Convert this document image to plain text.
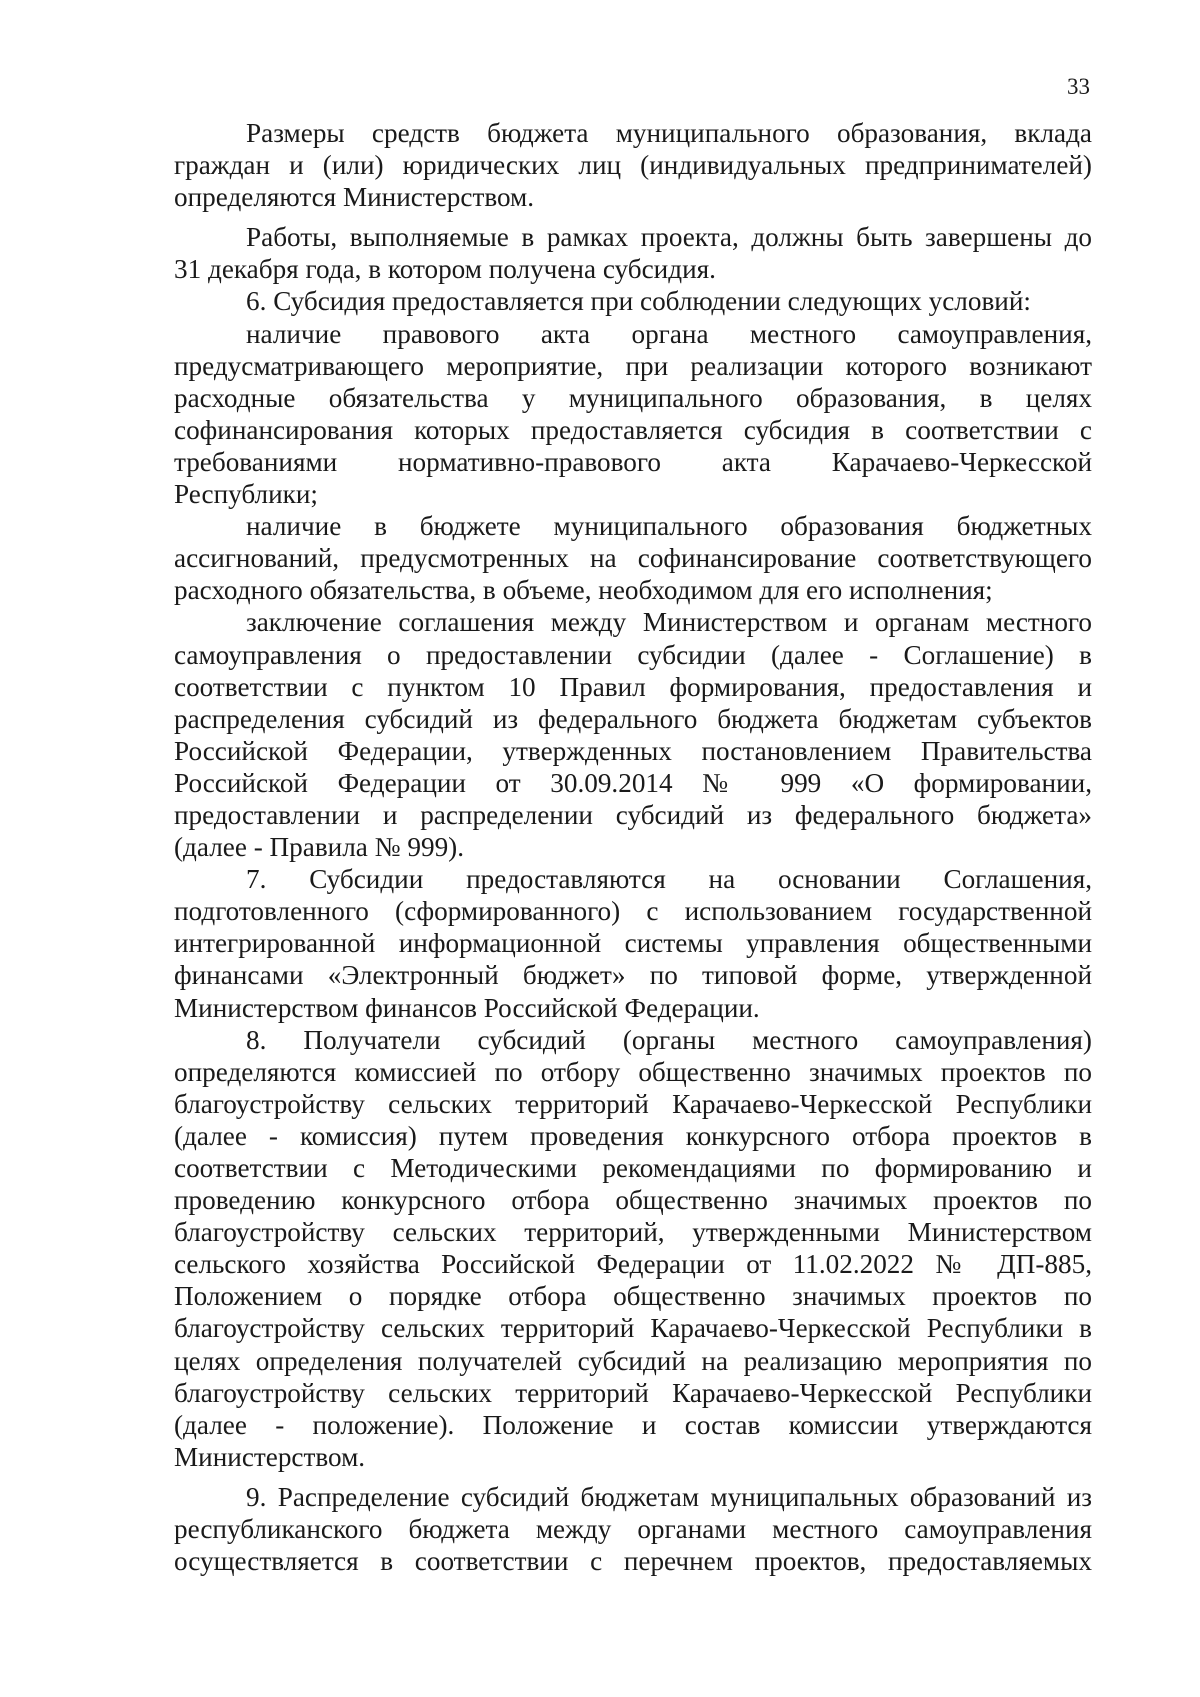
33

Размеры средств бюджета муниципального образования, вклада

граждан и (или) юридических лиц (индивидуальных предпринимателей)

определяются Министерством.

Работы, выполняемые в рамках проекта, должны быть завершены до

31 декабря года, в котором получена субсидия.

6. Субсидия предоставляется при соблюдении следующих условий:

наличие правового акта органа местного самоуправления,

предусматривающего мероприятие, при реализации которого возникают

расходные обязательства у муниципального образования, в целях

софинансирования которых предоставляется субсидия в соответствии с

требованиями нормативно-правового акта Карачаево-Черкесской

Республики;

наличие в бюджете муниципального образования бюджетных

ассигнований, предусмотренных на софинансирование соответствующего

расходного обязательства, в объеме, необходимом для его исполнения;

заключение соглашения между Министерством и органам местного

самоуправления о предоставлении субсидии (далее - Соглашение) в

соответствии с пунктом 10 Правил формирования, предоставления и

распределения субсидий из федерального бюджета бюджетам субъектов

Российской Федерации, утвержденных постановлением Правительства

Российской Федерации от 30.09.2014 № 999 «О формировании,

предоставлении и распределении субсидий из федерального бюджета»

(далее - Правила № 999).

7. Субсидии предоставляются на основании Соглашения,

подготовленного (сформированного) с использованием государственной

интегрированной информационной системы управления общественными

финансами «Электронный бюджет» по типовой форме, утвержденной

Министерством финансов Российской Федерации.

8. Получатели субсидий (органы местного самоуправления)

определяются комиссией по отбору общественно значимых проектов по

благоустройству сельских территорий Карачаево-Черкесской Республики

(далее - комиссия) путем проведения конкурсного отбора проектов в

соответствии с Методическими рекомендациями по формированию и

проведению конкурсного отбора общественно значимых проектов по

благоустройству сельских территорий, утвержденными Министерством

сельского хозяйства Российской Федерации от 11.02.2022 № ДП-885,

Положением о порядке отбора общественно значимых проектов по

благоустройству сельских территорий Карачаево-Черкесской Республики в

целях определения получателей субсидий на реализацию мероприятия по

благоустройству сельских территорий Карачаево-Черкесской Республики

(далее - положение). Положение и состав комиссии утверждаются

Министерством.

9. Распределение субсидий бюджетам муниципальных образований из

республиканского бюджета между органами местного самоуправления

осуществляется в соответствии с перечнем проектов, предоставляемых
